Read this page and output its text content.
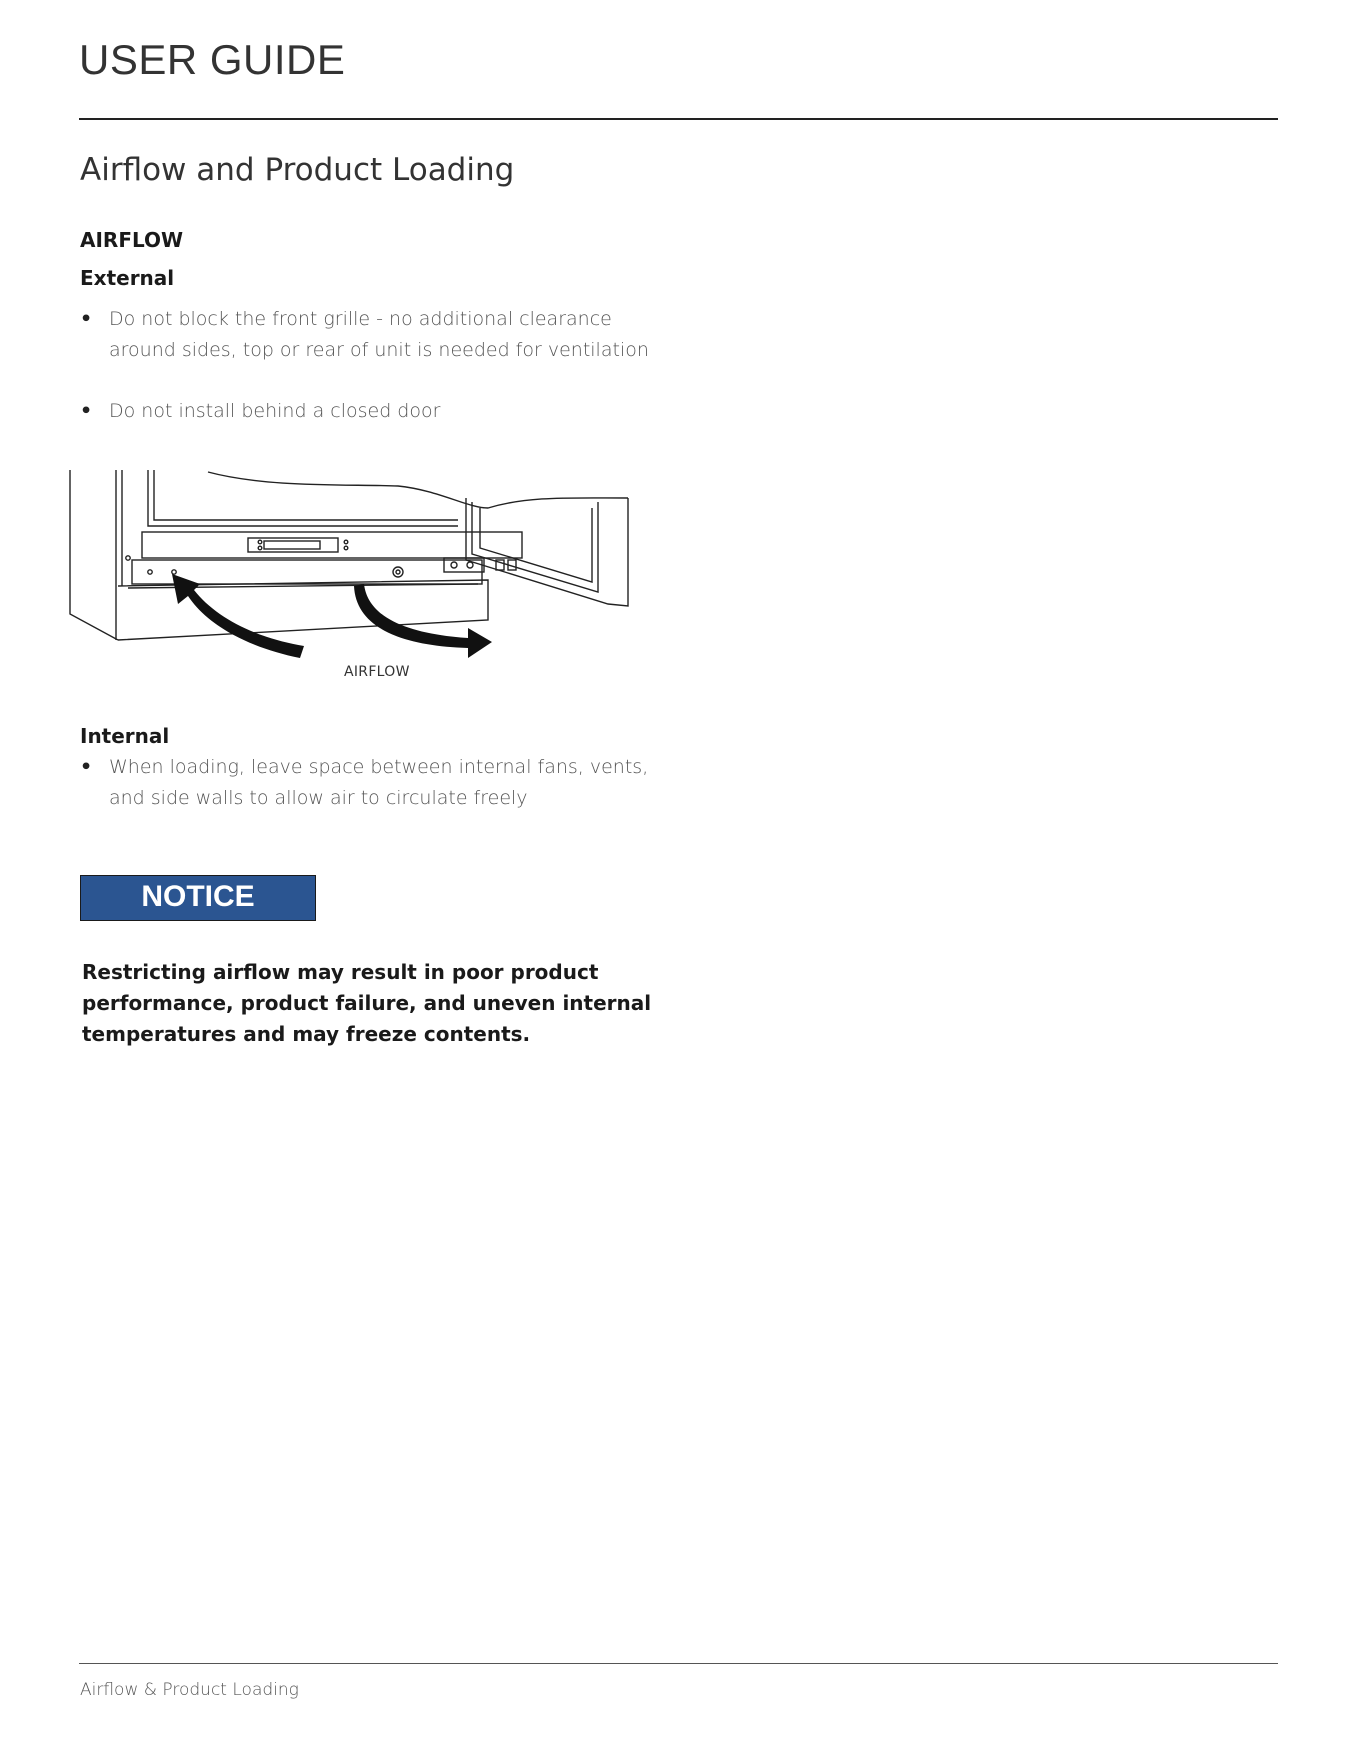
USER GUIDE
Airflow and Product Loading
AIRFLOW
External
• Do not block the front grille - no additional clearance around sides, top or rear of unit is needed for ventilation
• Do not install behind a closed door
AIRFLOW
Internal
• When loading, leave space between internal fans, vents, and side walls to allow air to circulate freely
NOTICE
Restricting airflow may result in poor product performance, product failure, and uneven internal temperatures and may freeze contents.
Airflow & Product Loading
